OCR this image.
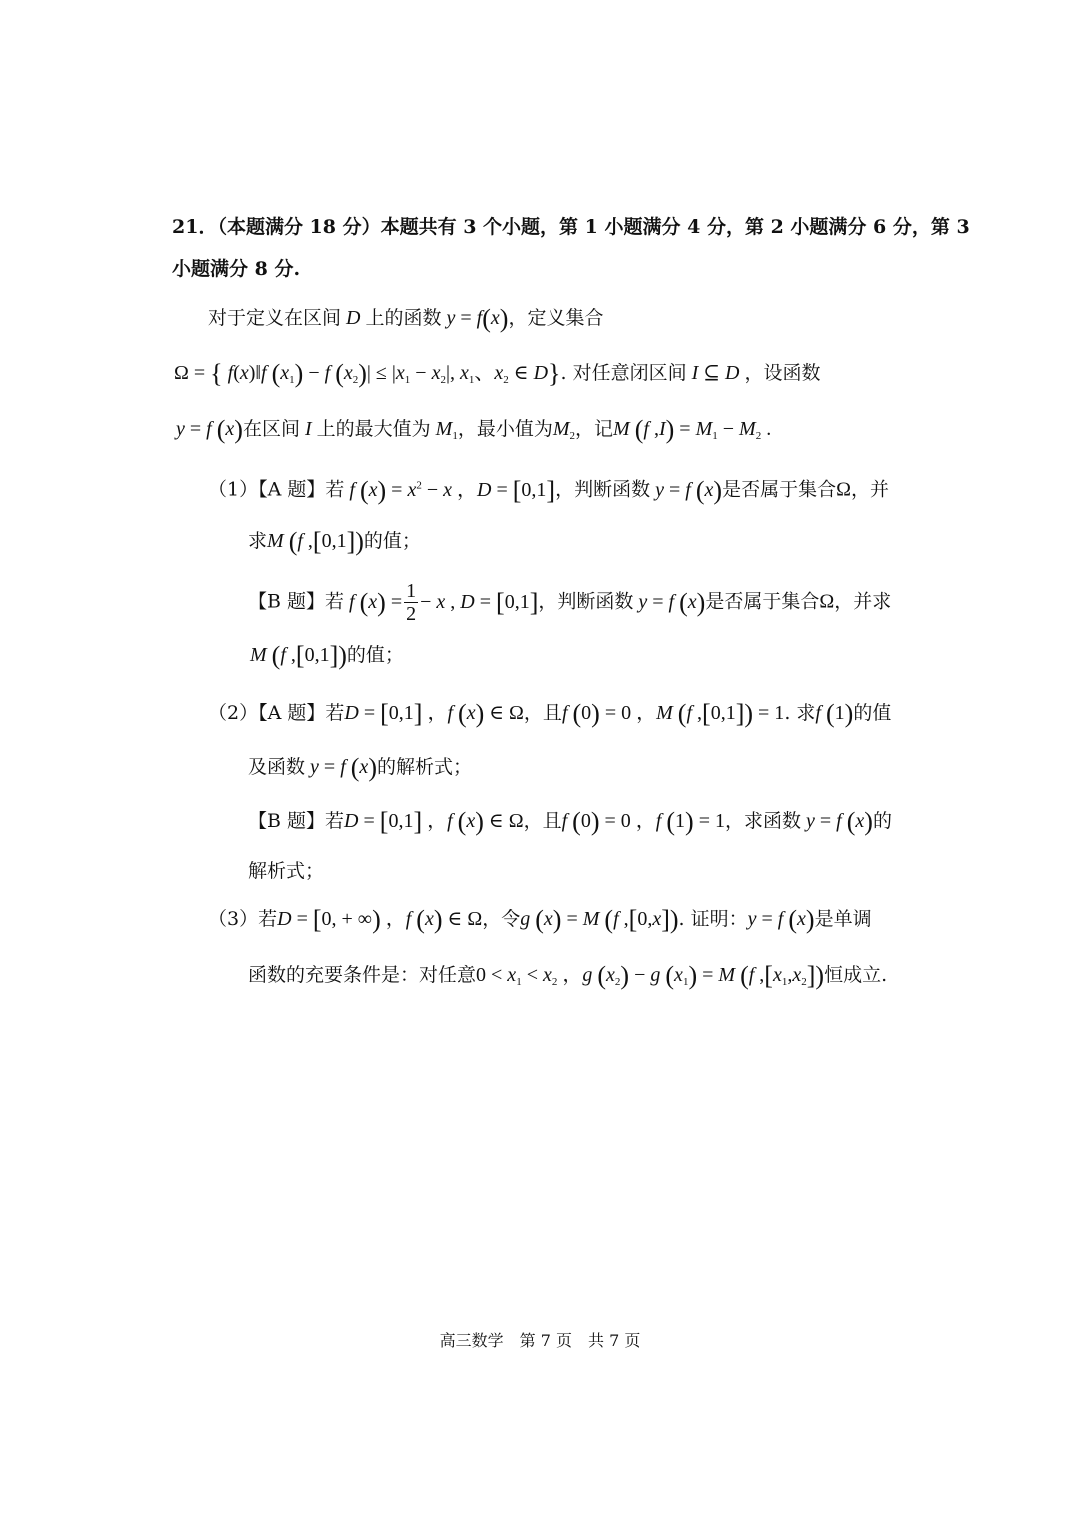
21．（本题满分 18 分）本题共有 3 个小题，第 1 小题满分 4 分，第 2 小题满分 6 分，第 3
小题满分 8 分.
对于定义在区间 D 上的函数 y = f(x)，定义集合
Ω = { f(x)‖f $(x_1) - f$ $(x_2)| \le |x_1 - x_2|$, $x_1$、$x_2$ ∈ D}. 对任意闭区间 I ⊆ D ，设函数
y = f (x)在区间 I 上的最大值为 $M_1$，最小值为$M_2$，记M (f $,I) = M_1 - M_2$ .
（1）【A 题】若 f $(x) = x^2 - x$ ，D = [0,1]，判断函数 y = f (x)是否属于集合Ω，并
求M (f ,[0,1])的值；
【B 题】若 f $(x) = \frac{1}{2} - x$ , D = [0,1]，判断函数 y = f (x)是否属于集合Ω，并求
M (f ,[0,1])的值；
（2）【A 题】若D = [0,1] ，f (x) ∈ Ω，且f (0) = 0 ，M (f ,[0,1]) = 1. 求f (1)的值
及函数 y = f (x)的解析式；
【B 题】若D = [0,1] ，f (x) ∈ Ω，且f (0) = 0 ，f (1) = 1，求函数 y = f (x)的
解析式；
（3）若D = [0, + ∞) ，f (x) ∈ Ω，令g (x) = M (f ,[0,x]). 证明：y = f (x)是单调
函数的充要条件是：对任意$0 < x_1 < x_2$ ，g $(x_2) - g$ $(x_1) = M$ (f $,[x_1,x_2]$)恒成立.
高三数学　第 7 页　共 7 页
